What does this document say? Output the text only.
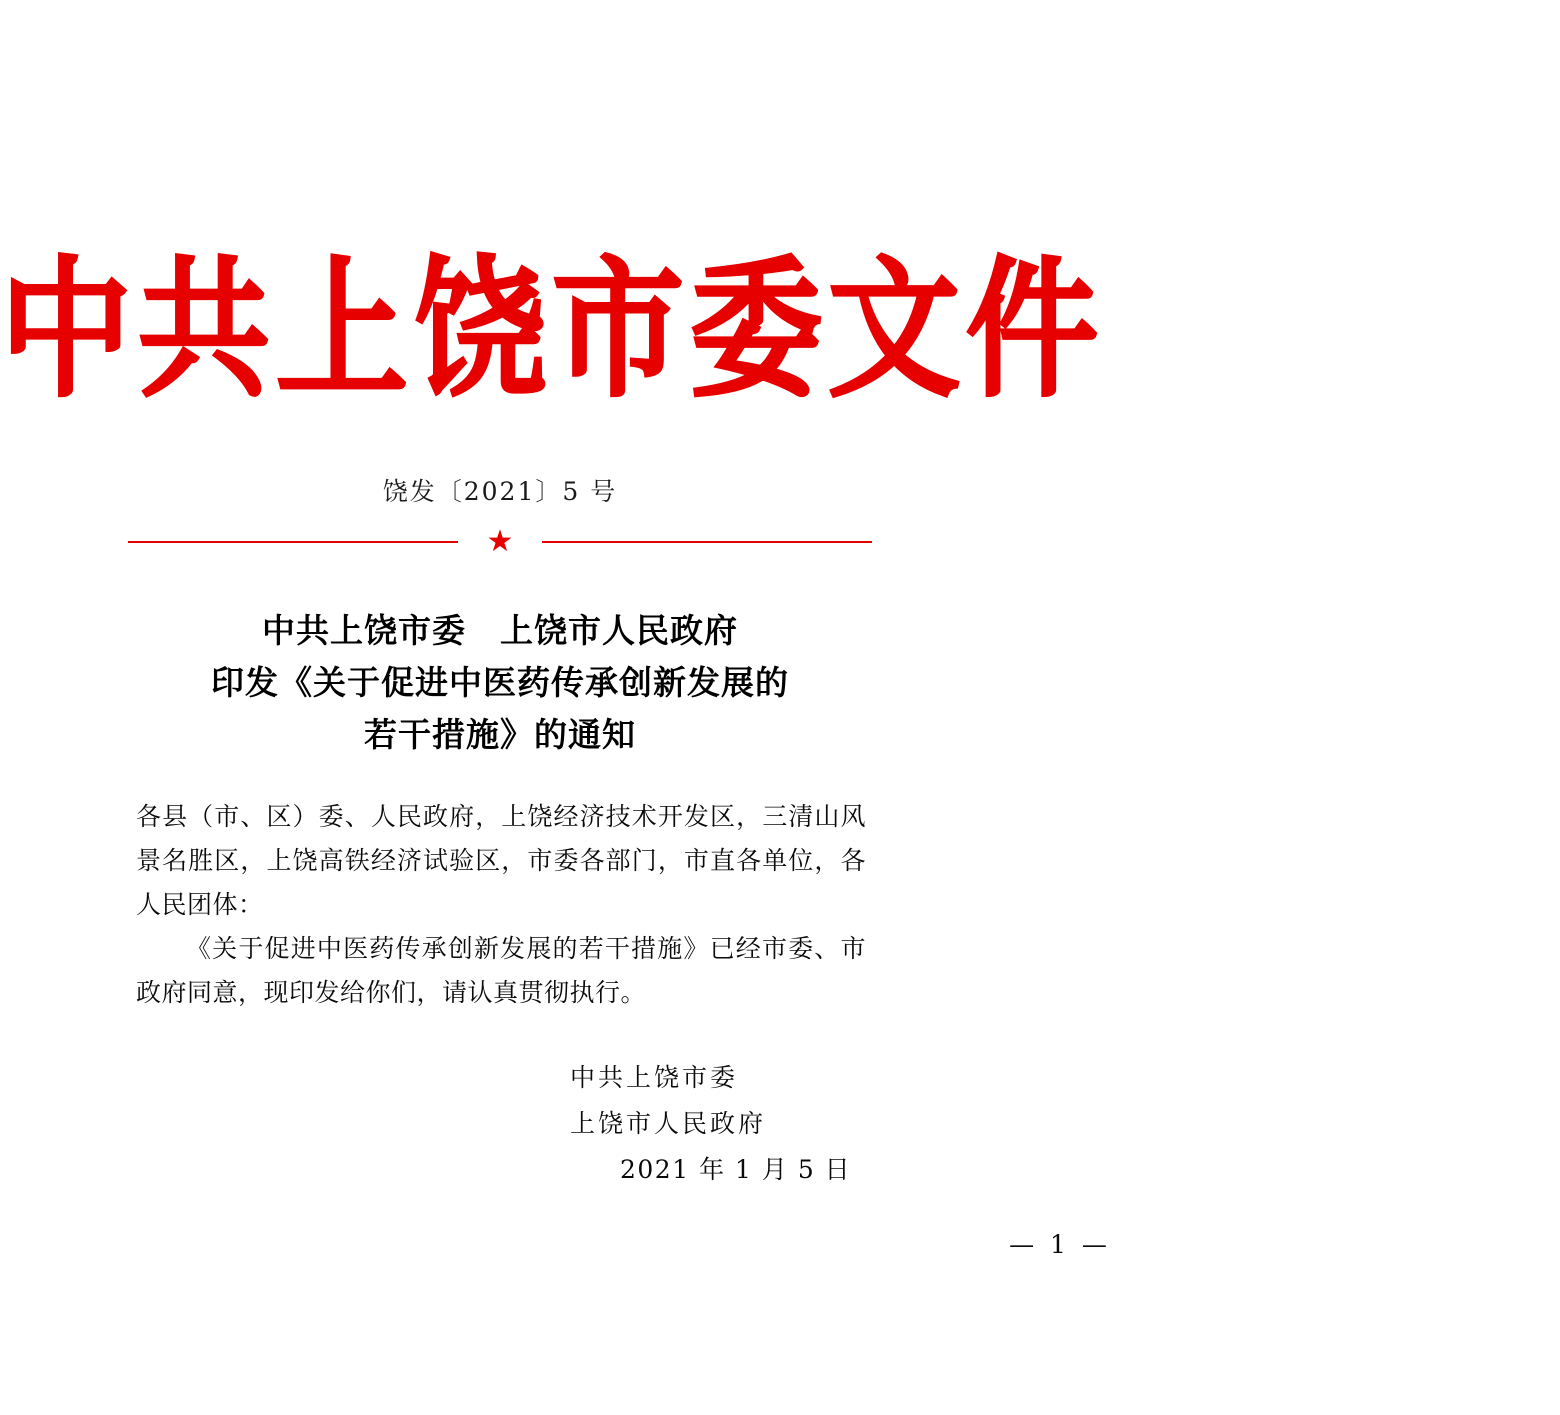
中共上饶市委文件
饶发〔2021〕5 号
★
中共上饶市委　上饶市人民政府
印发《关于促进中医药传承创新发展的
若干措施》的通知

各县（市、区）委、人民政府，上饶经济技术开发区，三清山风景名胜区，上饶高铁经济试验区，市委各部门，市直各单位，各人民团体：

《关于促进中医药传承创新发展的若干措施》已经市委、市政府同意，现印发给你们，请认真贯彻执行。

中共上饶市委
上饶市人民政府
2021 年 1 月 5 日
— 1 —
